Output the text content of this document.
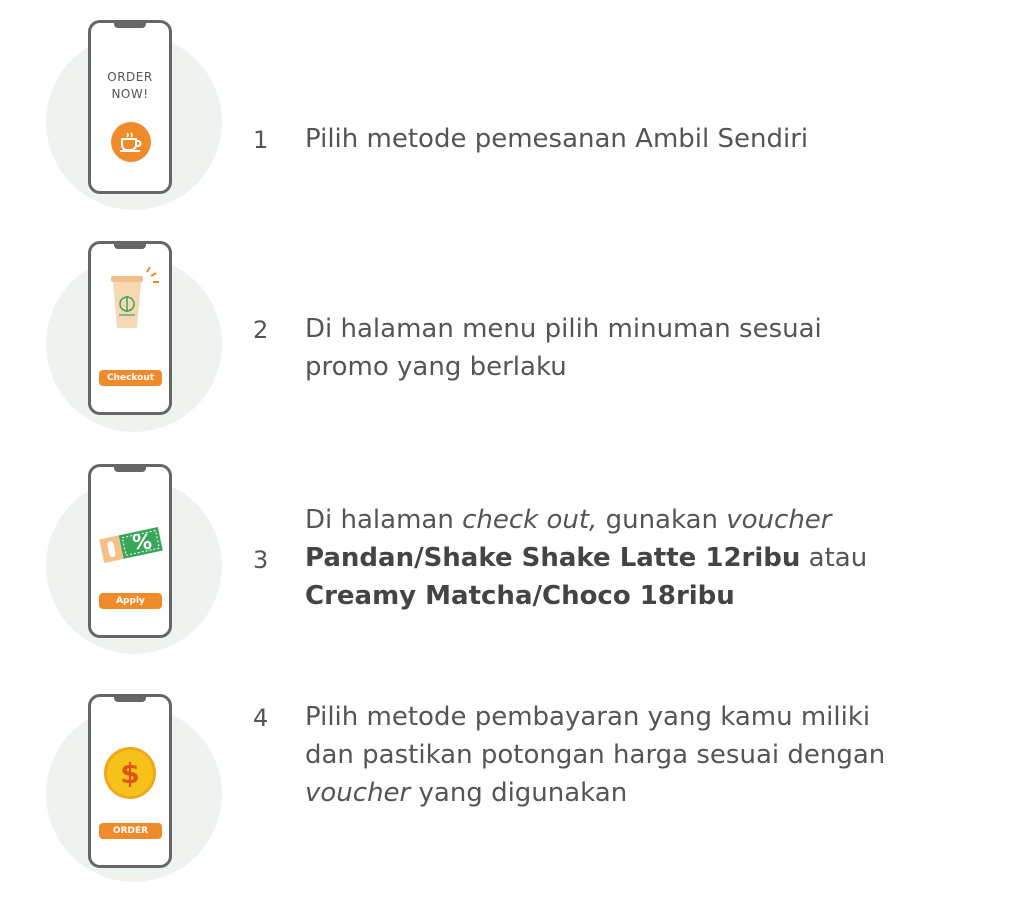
ORDER
NOW!
1 Pilih metode pemesanan Ambil Sendiri
Checkout
2 Di halaman menu pilih minuman sesuai
promo yang berlaku
%
Apply
3
Di halaman check out, gunakan voucher
Pandan/Shake Shake Latte 12ribu atau
Creamy Matcha/Choco 18ribu
$
ORDER NOW
4 Pilih metode pembayaran yang kamu miliki
dan pastikan potongan harga sesuai dengan
voucher yang digunakan
